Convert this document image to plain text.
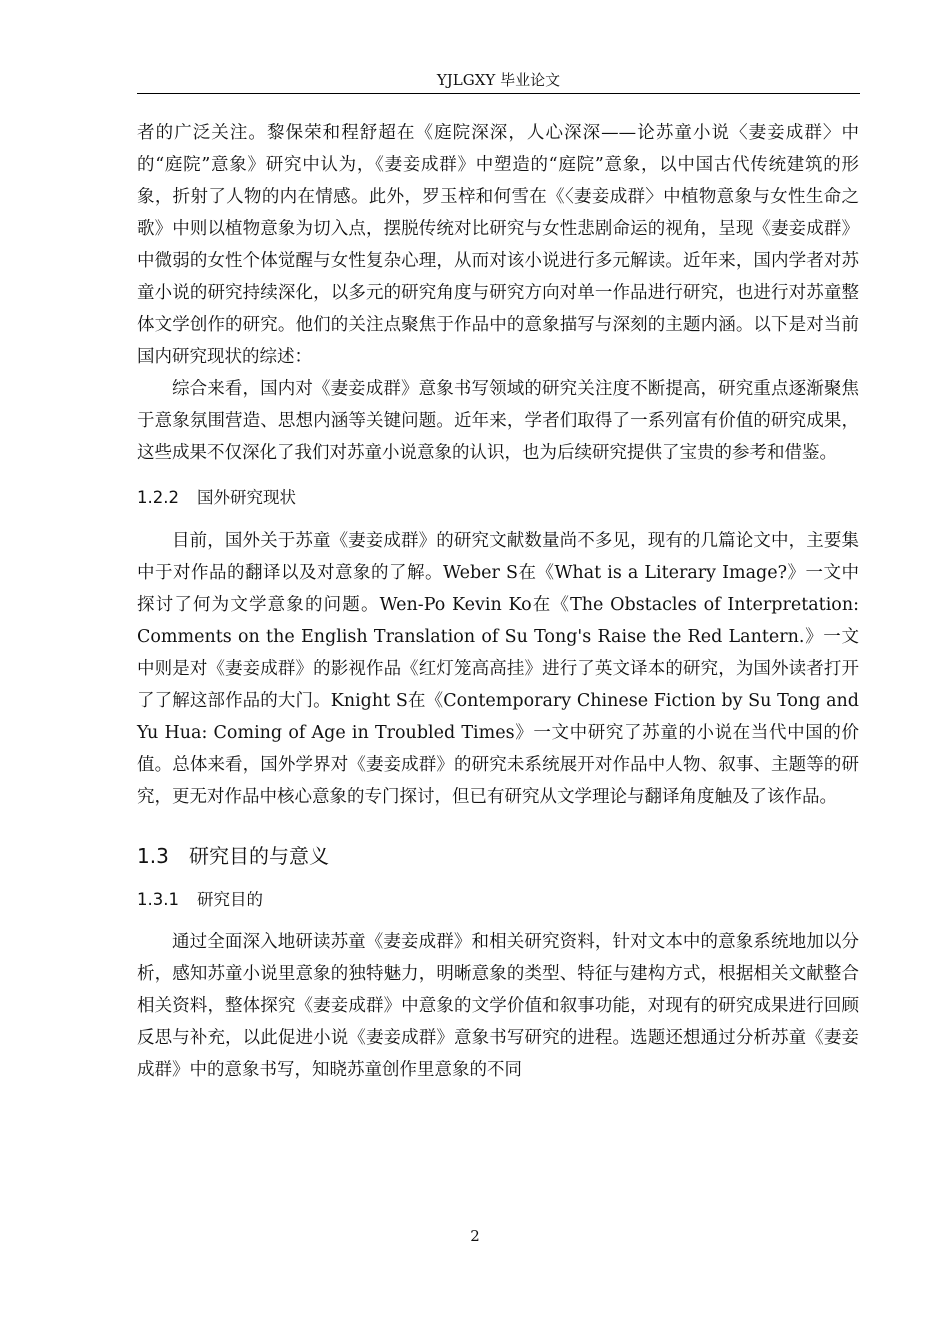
YJLGXY 毕业论文

者的广泛关注。黎保荣和程舒超在《庭院深深，人心深深——论苏童小说〈妻妾成群〉中的“庭院”意象》研究中认为，《妻妾成群》中塑造的“庭院”意象，以中国古代传统建筑的形象，折射了人物的内在情感。此外，罗玉梓和何雪在《〈妻妾成群〉中植物意象与女性生命之歌》中则以植物意象为切入点，摆脱传统对比研究与女性悲剧命运的视角，呈现《妻妾成群》中微弱的女性个体觉醒与女性复杂心理，从而对该小说进行多元解读。近年来，国内学者对苏童小说的研究持续深化，以多元的研究角度与研究方向对单一作品进行研究，也进行对苏童整体文学创作的研究。他们的关注点聚焦于作品中的意象描写与深刻的主题内涵。以下是对当前国内研究现状的综述：

综合来看，国内对《妻妾成群》意象书写领域的研究关注度不断提高，研究重点逐渐聚焦于意象氛围营造、思想内涵等关键问题。近年来，学者们取得了一系列富有价值的研究成果，这些成果不仅深化了我们对苏童小说意象的认识，也为后续研究提供了宝贵的参考和借鉴。

1.2.2 国外研究现状

目前，国外关于苏童《妻妾成群》的研究文献数量尚不多见，现有的几篇论文中，主要集中于对作品的翻译以及对意象的了解。Weber S在《What is a Literary Image?》一文中探讨了何为文学意象的问题。Wen-Po Kevin Ko在《The Obstacles of Interpretation: Comments on the English Translation of Su Tong's Raise the Red Lantern.》一文中则是对《妻妾成群》的影视作品《红灯笼高高挂》进行了英文译本的研究，为国外读者打开了了解这部作品的大门。Knight S在《Contemporary Chinese Fiction by Su Tong and Yu Hua: Coming of Age in Troubled Times》一文中研究了苏童的小说在当代中国的价值。总体来看，国外学界对《妻妾成群》的研究未系统展开对作品中人物、叙事、主题等的研究，更无对作品中核心意象的专门探讨，但已有研究从文学理论与翻译角度触及了该作品。

1.3 研究目的与意义
1.3.1 研究目的

通过全面深入地研读苏童《妻妾成群》和相关研究资料，针对文本中的意象系统地加以分析，感知苏童小说里意象的独特魅力，明晰意象的类型、特征与建构方式，根据相关文献整合相关资料，整体探究《妻妾成群》中意象的文学价值和叙事功能，对现有的研究成果进行回顾反思与补充，以此促进小说《妻妾成群》意象书写研究的进程。选题还想通过分析苏童《妻妾成群》中的意象书写，知晓苏童创作里意象的不同

2
